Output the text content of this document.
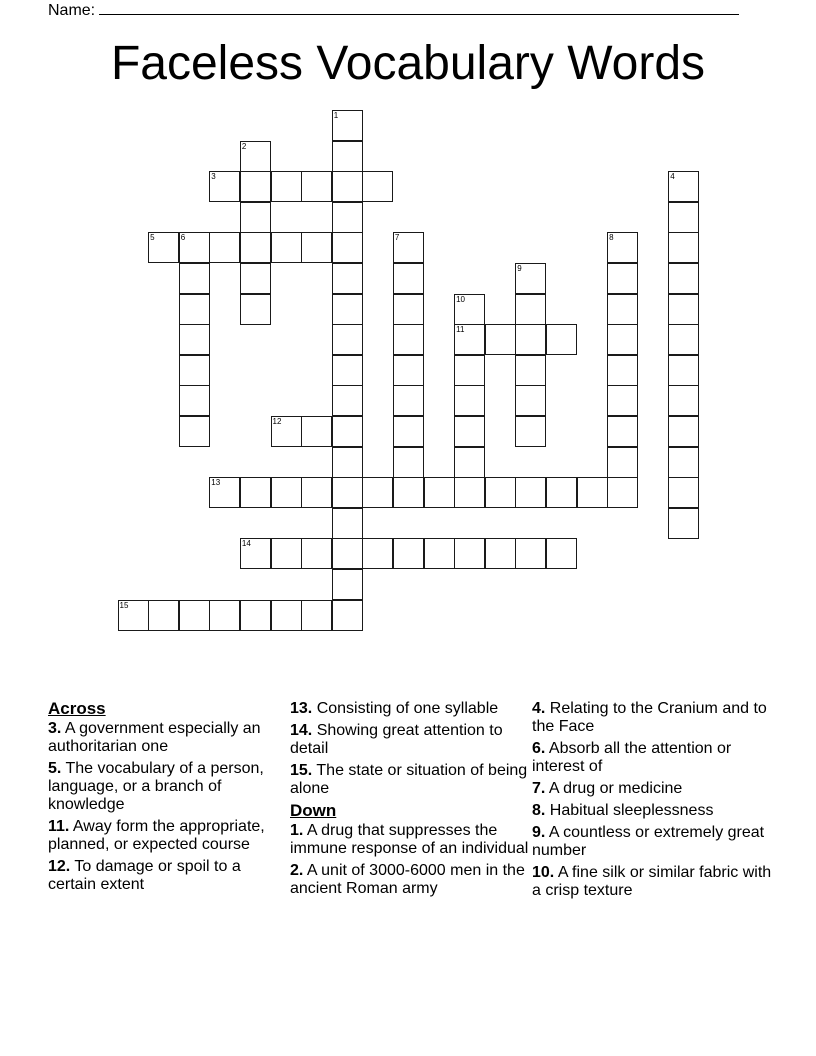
Name:
Faceless Vocabulary Words
1
2
3	4
5	6	7	8
9
10
11
12
13
14
15
Across
3. A government especially an authoritarian one
5. The vocabulary of a person, language, or a branch of knowledge
11. Away form the appropriate, planned, or expected course
12. To damage or spoil to a certain extent
13. Consisting of one syllable
14. Showing great attention to detail
15. The state or situation of being alone
Down
1. A drug that suppresses the immune response of an individual
2. A unit of 3000-6000 men in the ancient Roman army
4. Relating to the Cranium and to the Face
6. Absorb all the attention or interest of
7. A drug or medicine
8. Habitual sleeplessness
9. A countless or extremely great number
10. A fine silk or similar fabric with a crisp texture
